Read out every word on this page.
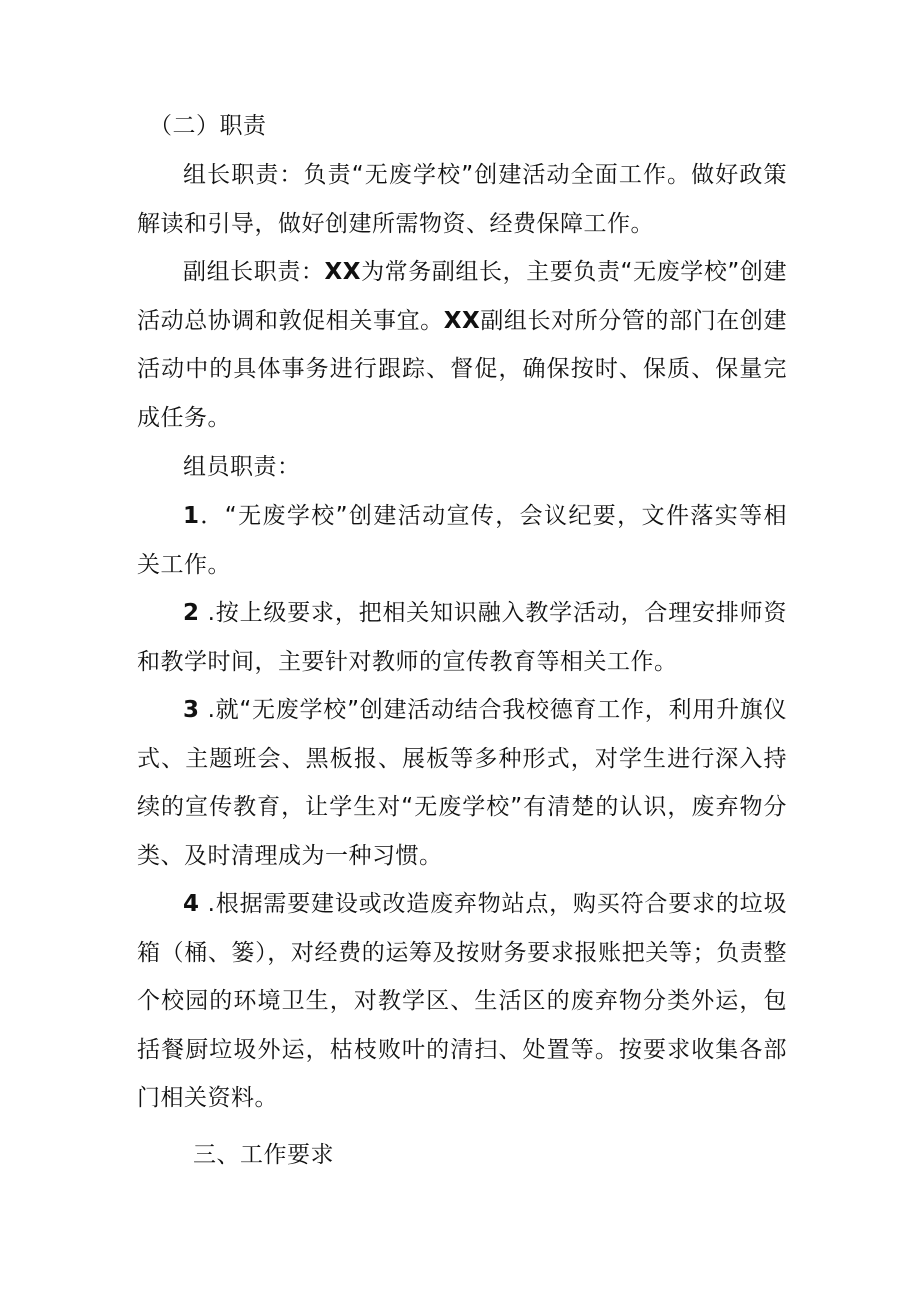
（二）职责

组长职责：负责“无废学校”创建活动全面工作。做好政策解读和引导，做好创建所需物资、经费保障工作。

副组长职责：XX为常务副组长，主要负责“无废学校”创建活动总协调和敦促相关事宜。XX副组长对所分管的部门在创建活动中的具体事务进行跟踪、督促，确保按时、保质、保量完成任务。

组员职责：

1．“无废学校”创建活动宣传，会议纪要，文件落实等相关工作。

2 .按上级要求，把相关知识融入教学活动，合理安排师资和教学时间，主要针对教师的宣传教育等相关工作。

3 .就“无废学校”创建活动结合我校德育工作，利用升旗仪式、主题班会、黑板报、展板等多种形式，对学生进行深入持续的宣传教育，让学生对“无废学校”有清楚的认识，废弃物分类、及时清理成为一种习惯。

4 .根据需要建设或改造废弃物站点，购买符合要求的垃圾箱（桶、篓），对经费的运筹及按财务要求报账把关等；负责整个校园的环境卫生，对教学区、生活区的废弃物分类外运，包括餐厨垃圾外运，枯枝败叶的清扫、处置等。按要求收集各部门相关资料。

三、工作要求
